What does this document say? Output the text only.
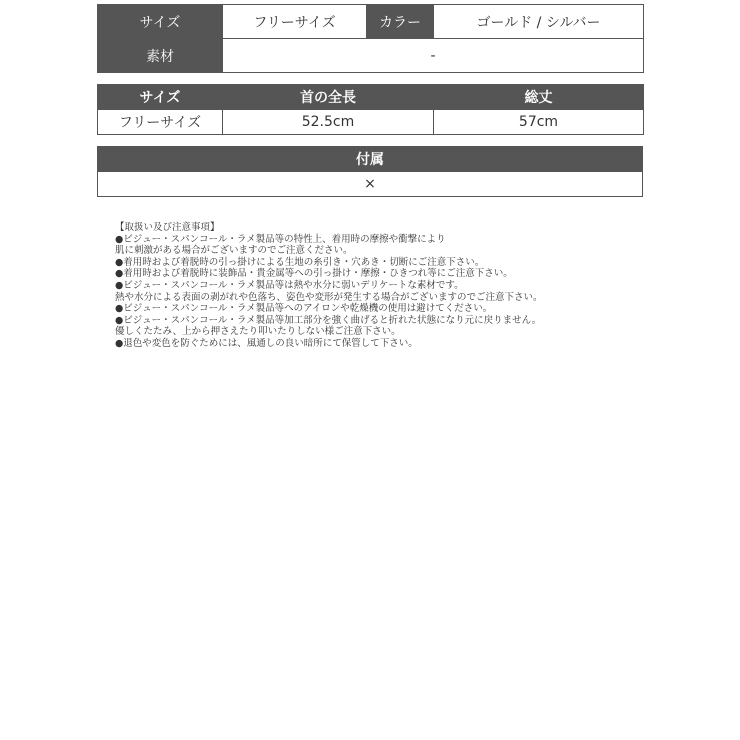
サイズ	フリーサイズ	カラー	ゴールド / シルバー
素材	-		
サイズ	首の全長	総丈
フリーサイズ	52.5cm	57cm
付属
×
【取扱い及び注意事項】
●ビジュー・スパンコール・ラメ製品等の特性上、着用時の摩擦や衝撃により
肌に刺激がある場合がございますのでご注意ください。
●着用時および着脱時の引っ掛けによる生地の糸引き・穴あき・切断にご注意下さい。
●着用時および着脱時に装飾品・貴金属等への引っ掛け・摩擦・ひきつれ等にご注意下さい。
●ビジュー・スパンコール・ラメ製品等は熱や水分に弱いデリケートな素材です。
熱や水分による表面の剥がれや色落ち、姿色や変形が発生する場合がございますのでご注意下さい。
●ビジュー・スパンコール・ラメ製品等へのアイロンや乾燥機の使用は避けてください。
●ビジュー・スパンコール・ラメ製品等加工部分を強く曲げると折れた状態になり元に戻りません。
優しくたたみ、上から押さえたり叩いたりしない様ご注意下さい。
●退色や変色を防ぐためには、風通しの良い暗所にて保管して下さい。
